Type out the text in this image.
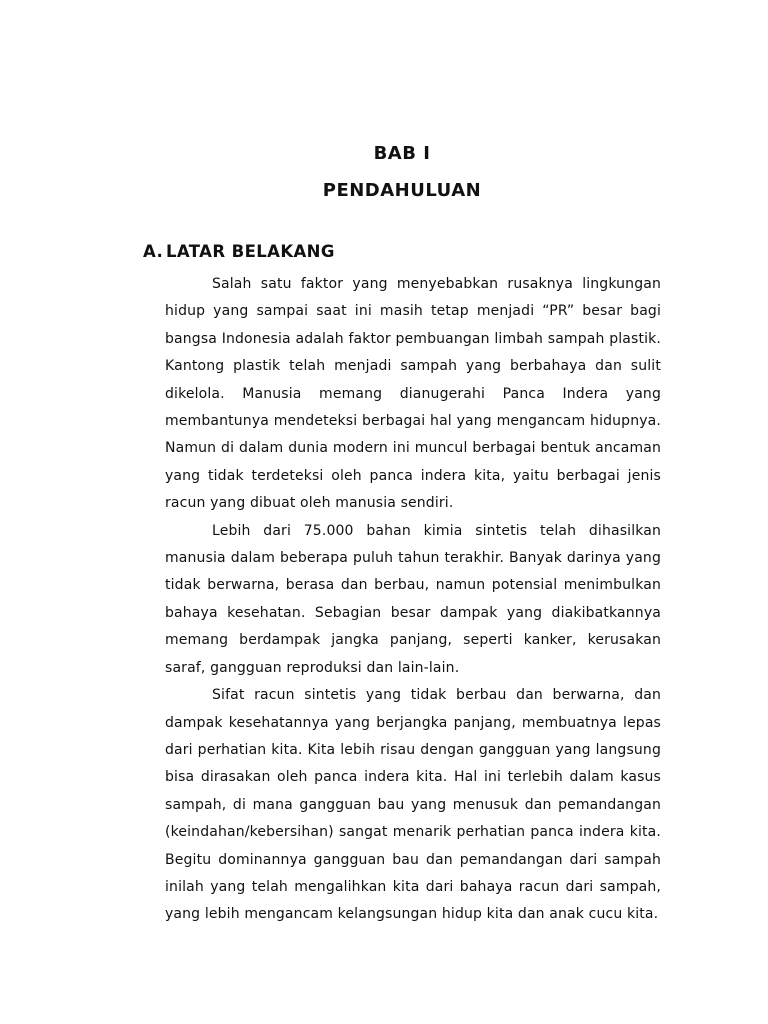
BAB I
PENDAHULUAN
A. LATAR BELAKANG

Salah satu faktor yang menyebabkan rusaknya lingkungan hidup yang sampai saat ini masih tetap menjadi “PR” besar bagi bangsa Indonesia adalah faktor pembuangan limbah sampah plastik. Kantong plastik telah menjadi sampah yang berbahaya dan sulit dikelola. Manusia memang dianugerahi Panca Indera yang membantunya mendeteksi berbagai hal yang mengancam hidupnya. Namun di dalam dunia modern ini muncul berbagai bentuk ancaman yang tidak terdeteksi oleh panca indera kita, yaitu berbagai jenis racun yang dibuat oleh manusia sendiri.

Lebih dari 75.000 bahan kimia sintetis telah dihasilkan manusia dalam beberapa puluh tahun terakhir. Banyak darinya yang tidak berwarna, berasa dan berbau, namun potensial menimbulkan bahaya kesehatan. Sebagian besar dampak yang diakibatkannya memang berdampak jangka panjang, seperti kanker, kerusakan saraf, gangguan reproduksi dan lain-lain.

Sifat racun sintetis yang tidak berbau dan berwarna, dan dampak kesehatannya yang berjangka panjang, membuatnya lepas dari perhatian kita. Kita lebih risau dengan gangguan yang langsung bisa dirasakan oleh panca indera kita. Hal ini terlebih dalam kasus sampah, di mana gangguan bau yang menusuk dan pemandangan (keindahan/kebersihan) sangat menarik perhatian panca indera kita. Begitu dominannya gangguan bau dan pemandangan dari sampah inilah yang telah mengalihkan kita dari bahaya racun dari sampah, yang lebih mengancam kelangsungan hidup kita dan anak cucu kita.
